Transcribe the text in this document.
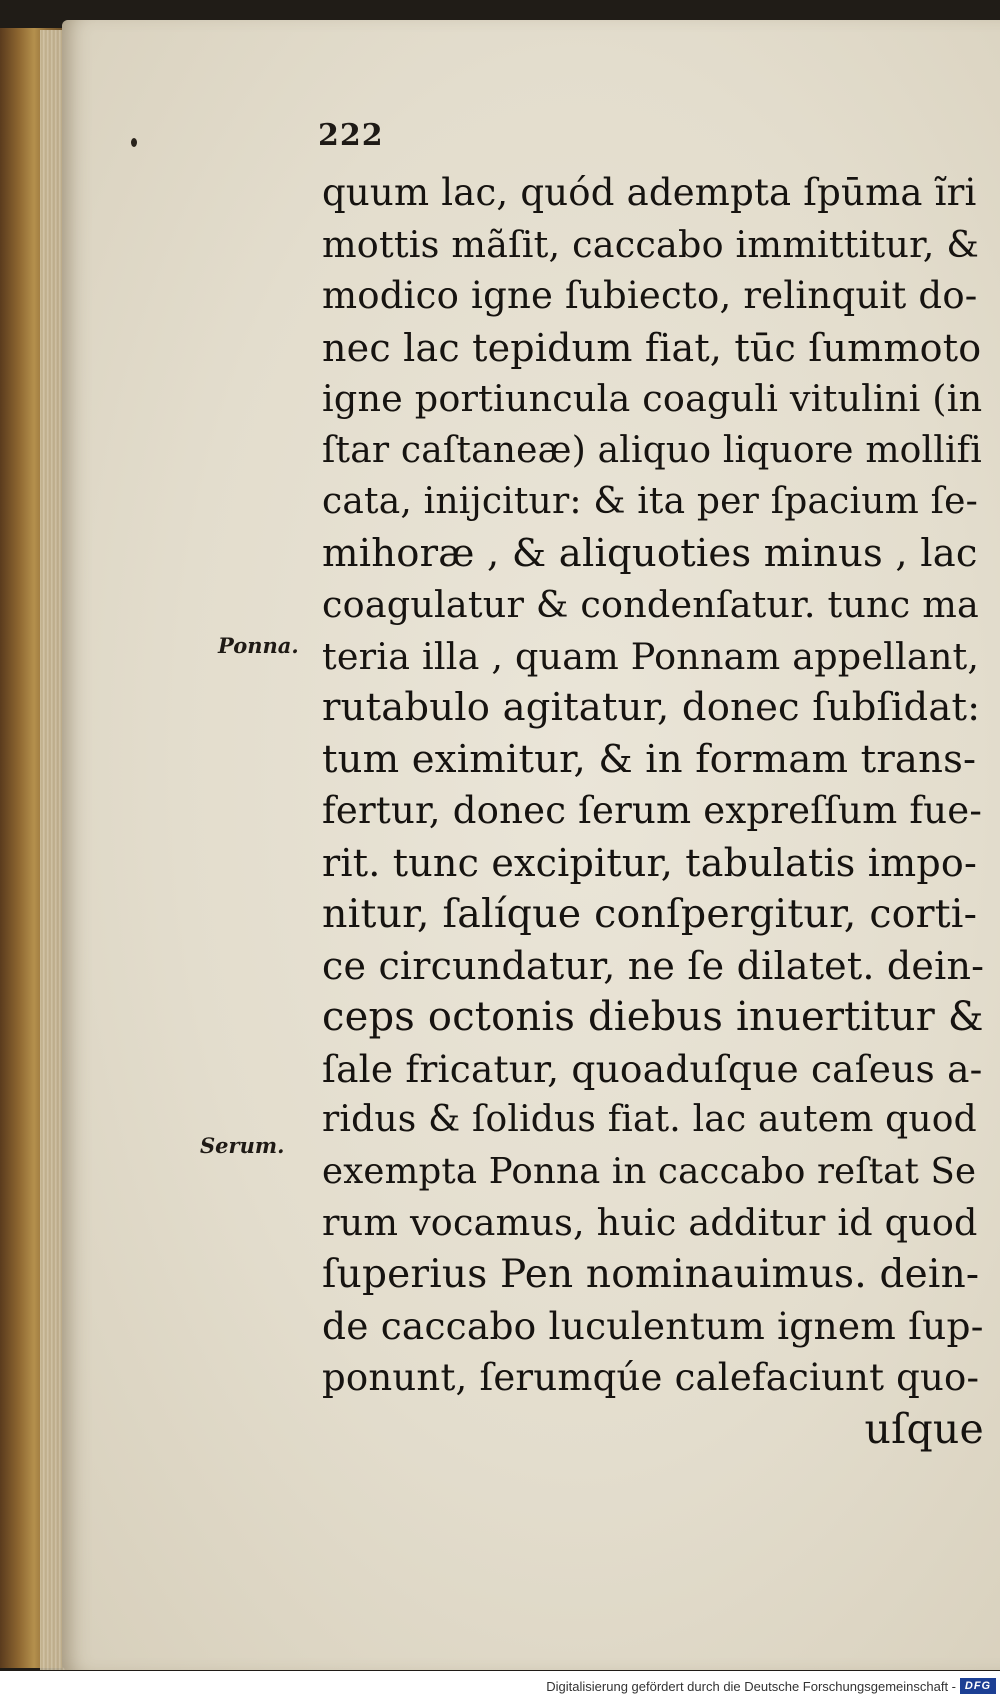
222
Ponna.
Serum.
quum lac, quód adempta ſpūma ĩri
mottis mãſit, caccabo immittitur, &
modico igne ſubiecto, relinquit do-
nec lac tepidum fiat, tūc ſummoto
igne portiuncula coaguli vitulini (in
ſtar caſtaneæ) aliquo liquore mollifi
cata, inijcitur: & ita per ſpacium ſe-
mihoræ , & aliquoties minus , lac
coagulatur & condenſatur. tunc ma
teria illa , quam Ponnam appellant,
rutabulo agitatur, donec ſubſidat:
tum eximitur, & in formam trans-
fertur, donec ſerum expreſſum fue-
rit. tunc excipitur, tabulatis impo-
nitur, ſalíque conſpergitur, corti-
ce circundatur, ne ſe dilatet. dein-
ceps octonis diebus inuertitur &
ſale fricatur, quoaduſque caſeus a-
ridus & ſolidus fiat. lac autem quod
exempta Ponna in caccabo reſtat Se
rum vocamus, huic additur id quod
ſuperius Pen nominauimus. dein-
de caccabo luculentum ignem ſup-
ponunt, ſerumqúe calefaciunt quo-
uſque
Digitalisierung gefördert durch die Deutsche Forschungsgemeinschaft - DFG
